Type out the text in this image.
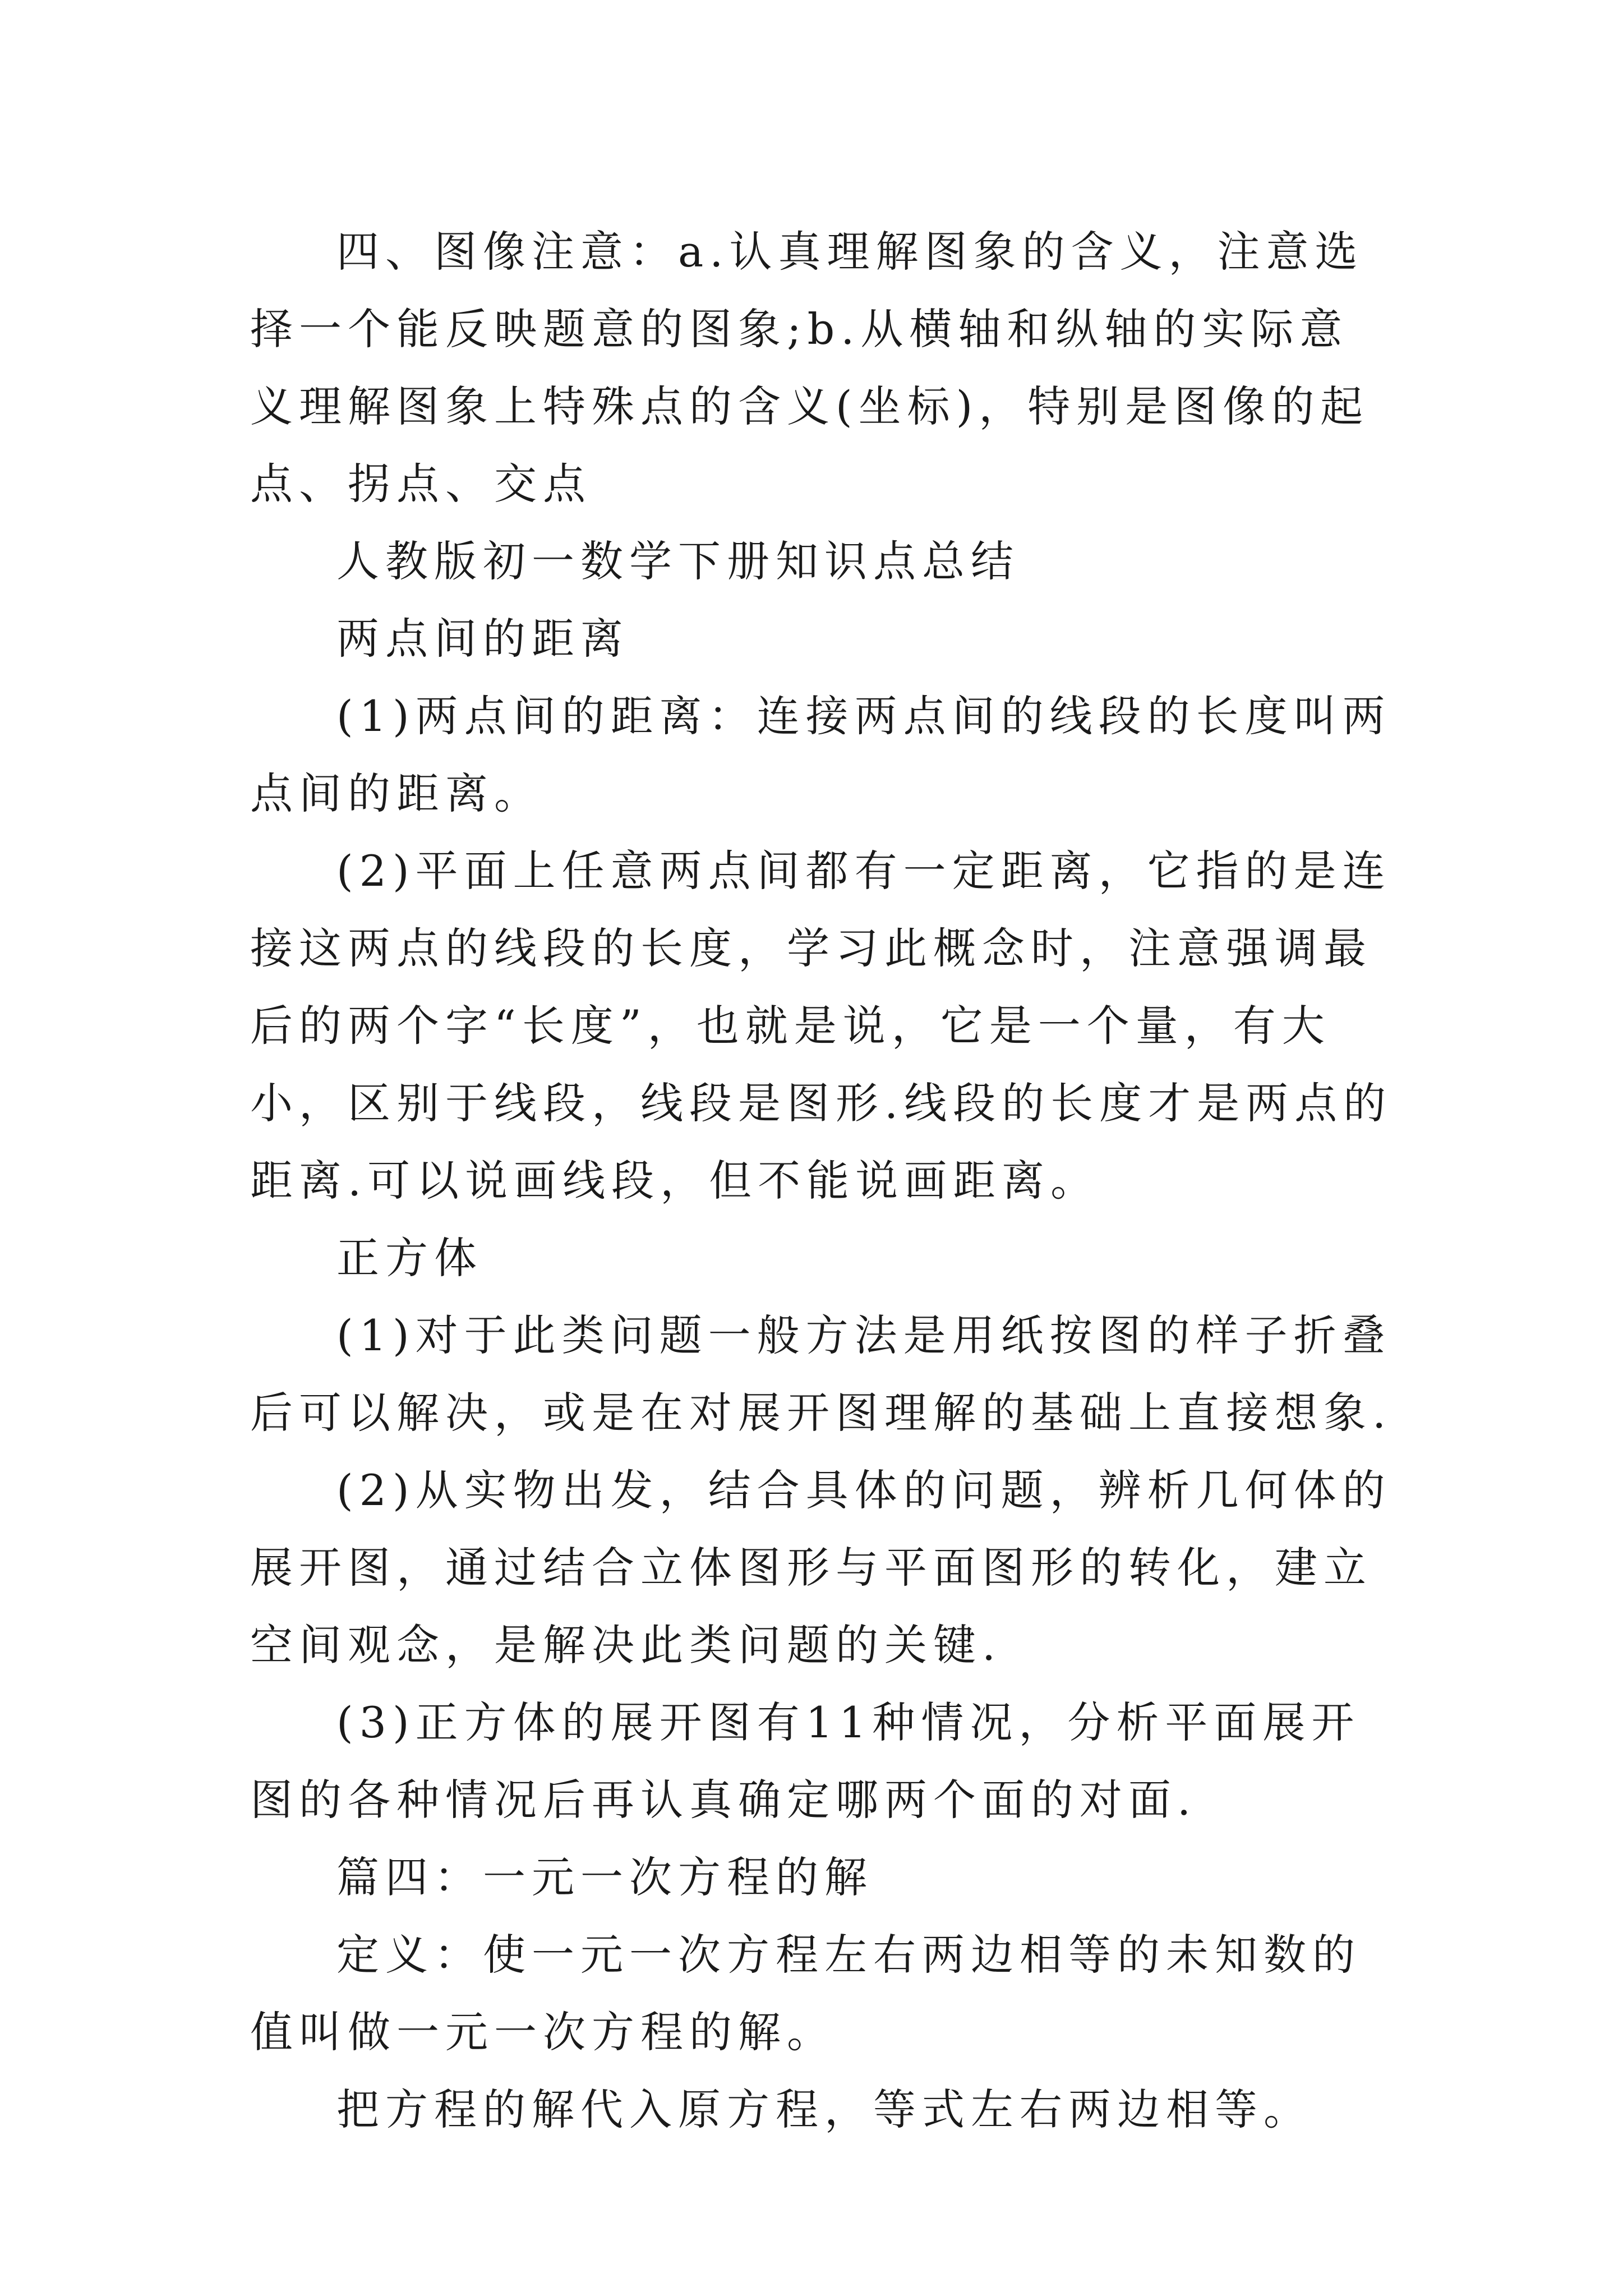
四、图像注意：a.认真理解图象的含义，注意选择一个能反映题意的图象;b.从横轴和纵轴的实际意义理解图象上特殊点的含义(坐标)，特别是图像的起点、拐点、交点

人教版初一数学下册知识点总结

两点间的距离

(1)两点间的距离：连接两点间的线段的长度叫两点间的距离。

(2)平面上任意两点间都有一定距离，它指的是连接这两点的线段的长度，学习此概念时，注意强调最后的两个字“长度”，也就是说，它是一个量，有大小，区别于线段，线段是图形.线段的长度才是两点的距离.可以说画线段，但不能说画距离。

正方体

(1)对于此类问题一般方法是用纸按图的样子折叠后可以解决，或是在对展开图理解的基础上直接想象.

(2)从实物出发，结合具体的问题，辨析几何体的展开图，通过结合立体图形与平面图形的转化，建立空间观念，是解决此类问题的关键.

(3)正方体的展开图有11种情况，分析平面展开图的各种情况后再认真确定哪两个面的对面.

篇四：一元一次方程的解

定义：使一元一次方程左右两边相等的未知数的值叫做一元一次方程的解。

把方程的解代入原方程，等式左右两边相等。
